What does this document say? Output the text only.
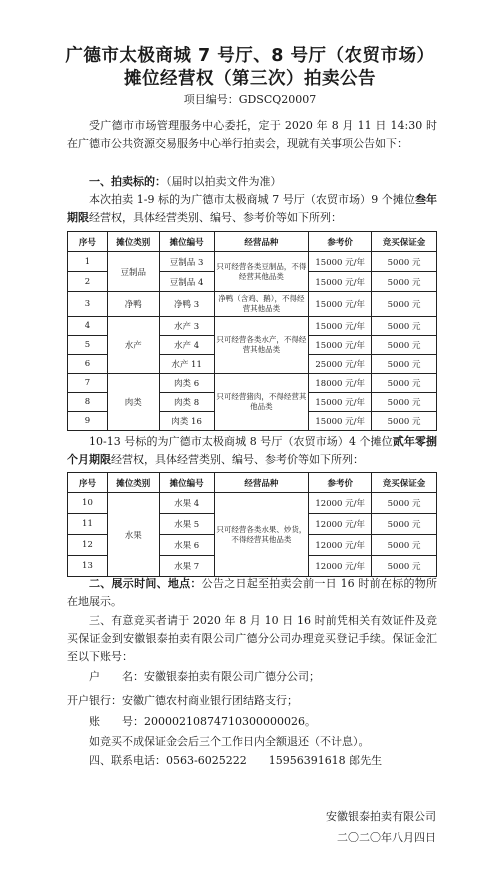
广德市太极商城 7 号厅、8 号厅（农贸市场）
摊位经营权（第三次）拍卖公告
项目编号：GDSCQ20007
受广德市市场管理服务中心委托，定于 2020 年 8 月 11 日 14:30 时在广德市公共资源交易服务中心举行拍卖会，现就有关事项公告如下：
一、拍卖标的：（届时以拍卖文件为准）
本次拍卖 1-9 标的为广德市太极商城 7 号厅（农贸市场）9 个摊位叁年期限经营权，具体经营类别、编号、参考价等如下所列：
序号	摊位类别	摊位编号	经营品种	参考价	竞买保证金
1	豆制品	豆制品 3	只可经营各类豆制品，不得经营其他品类	15000 元/年	5000 元
2		豆制品 4		15000 元/年	5000 元
3	净鸭	净鸭 3	净鸭（含鸡、鹅），不得经营其他品类	15000 元/年	5000 元
4	水产	水产 3	只可经营各类水产，不得经营其他品类	15000 元/年	5000 元
5		水产 4		15000 元/年	5000 元
6		水产 11		25000 元/年	5000 元
7	肉类	肉类 6	只可经营猪肉，不得经营其他品类	18000 元/年	5000 元
8		肉类 8		15000 元/年	5000 元
9		肉类 16		15000 元/年	5000 元
10-13 号标的为广德市太极商城 8 号厅（农贸市场）4 个摊位贰年零捌个月期限经营权，具体经营类别、编号、参考价等如下所列：
序号	摊位类别	摊位编号	经营品种	参考价	竞买保证金
10	水果	水果 4	只可经营各类水果、炒货，不得经营其他品类	12000 元/年	5000 元
11		水果 5		12000 元/年	5000 元
12		水果 6		12000 元/年	5000 元
13		水果 7		12000 元/年	5000 元
二、展示时间、地点：公告之日起至拍卖会前一日 16 时前在标的物所在地展示。
三、有意竞买者请于 2020 年 8 月 10 日 16 时前凭相关有效证件及竞买保证金到安徽银泰拍卖有限公司广德分公司办理竞买登记手续。保证金汇至以下账号：
户　　名：安徽银泰拍卖有限公司广德分公司；
开户银行：安徽广德农村商业银行团结路支行；
账　　号：20000210874710300000026。
如竞买不成保证金会后三个工作日内全额退还（不计息）。
四、联系电话：0563-6025222　　15956391618 郎先生
安徽银泰拍卖有限公司
二〇二〇年八月四日
